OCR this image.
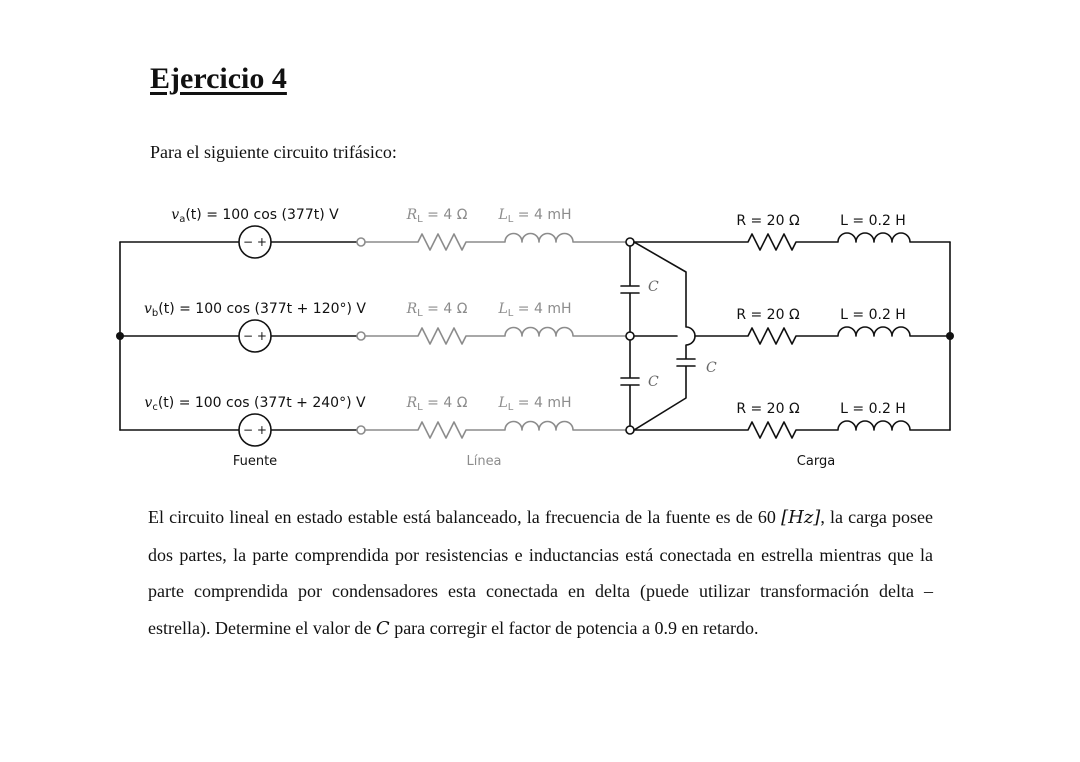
Ejercicio 4

Para el siguiente circuito trifásico:

− +
− +
− +
$v_a(t) = 100$ cos (377t) V
$v_b(t) = 100$ cos (377t + 120°) V
$v_c(t) = 100$ cos (377t + 240°) V
$R_L = 4$ Ω $L_L = 4$ mH
$R_L = 4$ Ω $L_L = 4$ mH
$R_L = 4$ Ω $L_L = 4$ mH
Línea
C
C
C
R = 20 Ω	L = 0.2 H
R = 20 Ω	L = 0.2 H
R = 20 Ω	L = 0.2 H
Fuente	Carga

El circuito lineal en estado estable está balanceado, la frecuencia de la fuente es de 60 [Hz], la carga posee dos partes, la parte comprendida por resistencias e inductancias está conectada en estrella mientras que la parte comprendida por condensadores esta conectada en delta (puede utilizar transformación delta – estrella). Determine el valor de C para corregir el factor de potencia a 0.9 en retardo.
